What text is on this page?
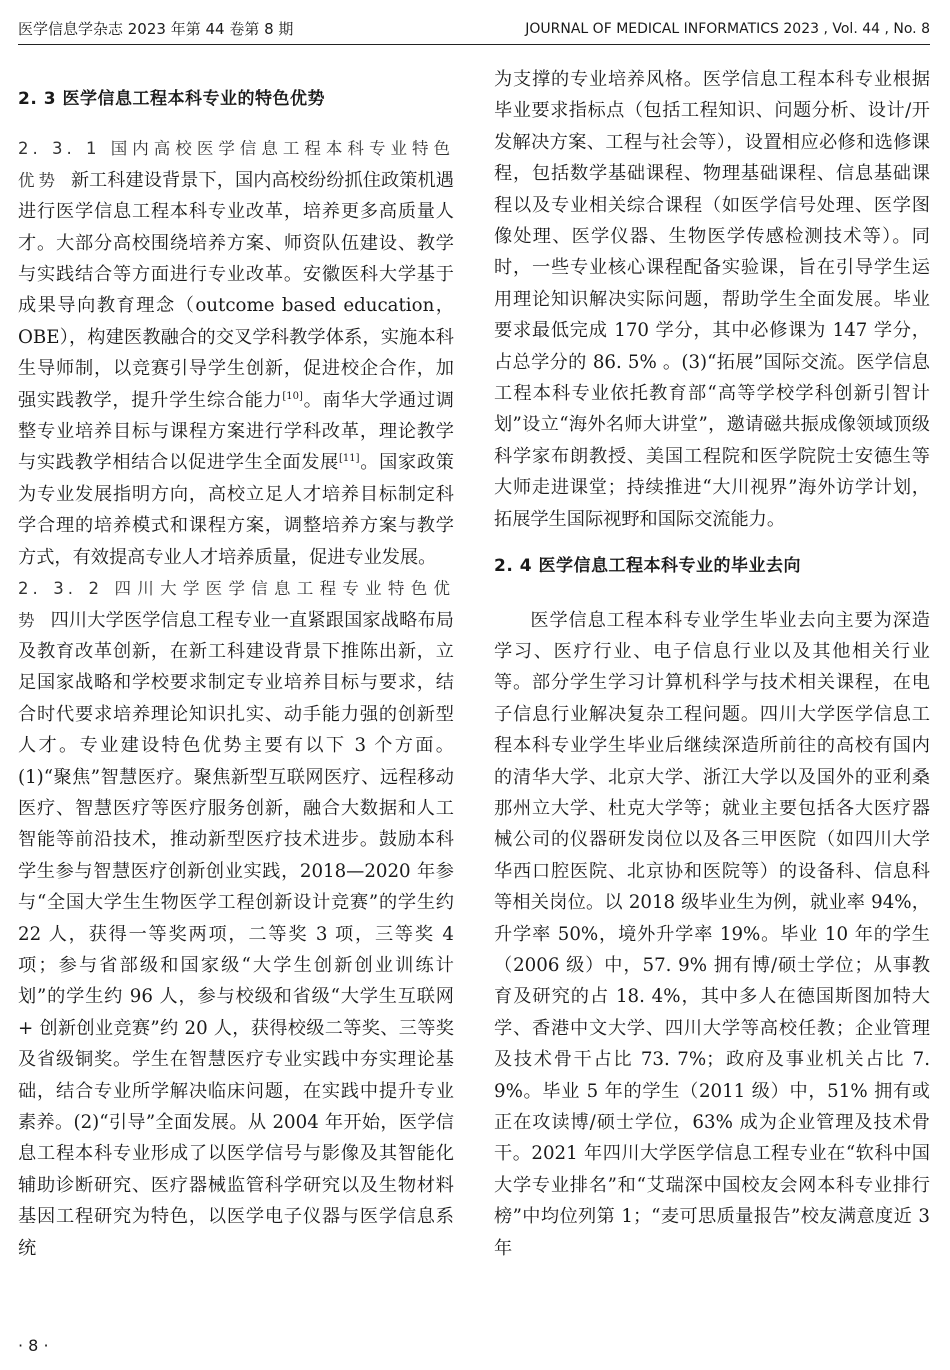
医学信息学杂志 2023 年第 44 卷第 8 期	JOURNAL OF MEDICAL INFORMATICS 2023 , Vol. 44 , No. 8
2. 3 医学信息工程本科专业的特色优势

2. 3. 1 国内高校医学信息工程本科专业特色优势 新工科建设背景下，国内高校纷纷抓住政策机遇进行医学信息工程本科专业改革，培养更多高质量人才。大部分高校围绕培养方案、师资队伍建设、教学与实践结合等方面进行专业改革。安徽医科大学基于成果导向教育理念（outcome based education，OBE），构建医教融合的交叉学科教学体系，实施本科生导师制，以竞赛引导学生创新，促进校企合作，加强实践教学，提升学生综合能力[10]。南华大学通过调整专业培养目标与课程方案进行学科改革，理论教学与实践教学相结合以促进学生全面发展[11]。国家政策为专业发展指明方向，高校立足人才培养目标制定科学合理的培养模式和课程方案，调整培养方案与教学方式，有效提高专业人才培养质量，促进专业发展。

2. 3. 2 四川大学医学信息工程专业特色优势 四川大学医学信息工程专业一直紧跟国家战略布局及教育改革创新，在新工科建设背景下推陈出新，立足国家战略和学校要求制定专业培养目标与要求，结合时代要求培养理论知识扎实、动手能力强的创新型人才。专业建设特色优势主要有以下 3 个方面。(1)“聚焦”智慧医疗。聚焦新型互联网医疗、远程移动医疗、智慧医疗等医疗服务创新，融合大数据和人工智能等前沿技术，推动新型医疗技术进步。鼓励本科学生参与智慧医疗创新创业实践，2018—2020 年参与“全国大学生生物医学工程创新设计竞赛”的学生约 22 人，获得一等奖两项，二等奖 3 项，三等奖 4 项；参与省部级和国家级“大学生创新创业训练计划”的学生约 96 人，参与校级和省级“大学生互联网 + 创新创业竞赛”约 20 人，获得校级二等奖、三等奖及省级铜奖。学生在智慧医疗专业实践中夯实理论基础，结合专业所学解决临床问题，在实践中提升专业素养。(2)“引导”全面发展。从 2004 年开始，医学信息工程本科专业形成了以医学信号与影像及其智能化辅助诊断研究、医疗器械监管科学研究以及生物材料基因工程研究为特色，以医学电子仪器与医学信息系统

为支撑的专业培养风格。医学信息工程本科专业根据毕业要求指标点（包括工程知识、问题分析、设计/开发解决方案、工程与社会等），设置相应必修和选修课程，包括数学基础课程、物理基础课程、信息基础课程以及专业相关综合课程（如医学信号处理、医学图像处理、医学仪器、生物医学传感检测技术等）。同时，一些专业核心课程配备实验课，旨在引导学生运用理论知识解决实际问题，帮助学生全面发展。毕业要求最低完成 170 学分，其中必修课为 147 学分，占总学分的 86. 5% 。(3)“拓展”国际交流。医学信息工程本科专业依托教育部“高等学校学科创新引智计划”设立“海外名师大讲堂”，邀请磁共振成像领域顶级科学家布朗教授、美国工程院和医学院院士安德生等大师走进课堂；持续推进“大川视界”海外访学计划，拓展学生国际视野和国际交流能力。

2. 4 医学信息工程本科专业的毕业去向

医学信息工程本科专业学生毕业去向主要为深造学习、医疗行业、电子信息行业以及其他相关行业等。部分学生学习计算机科学与技术相关课程，在电子信息行业解决复杂工程问题。四川大学医学信息工程本科专业学生毕业后继续深造所前往的高校有国内的清华大学、北京大学、浙江大学以及国外的亚利桑那州立大学、杜克大学等；就业主要包括各大医疗器械公司的仪器研发岗位以及各三甲医院（如四川大学华西口腔医院、北京协和医院等）的设备科、信息科等相关岗位。以 2018 级毕业生为例，就业率 94%，升学率 50%，境外升学率 19%。毕业 10 年的学生（2006 级）中，57. 9% 拥有博/硕士学位；从事教育及研究的占 18. 4%，其中多人在德国斯图加特大学、香港中文大学、四川大学等高校任教；企业管理及技术骨干占比 73. 7%；政府及事业机关占比 7. 9%。毕业 5 年的学生（2011 级）中，51% 拥有或正在攻读博/硕士学位，63% 成为企业管理及技术骨干。2021 年四川大学医学信息工程专业在“软科中国大学专业排名”和“艾瑞深中国校友会网本科专业排行榜”中均位列第 1；“麦可思质量报告”校友满意度近 3 年

· 8 ·
